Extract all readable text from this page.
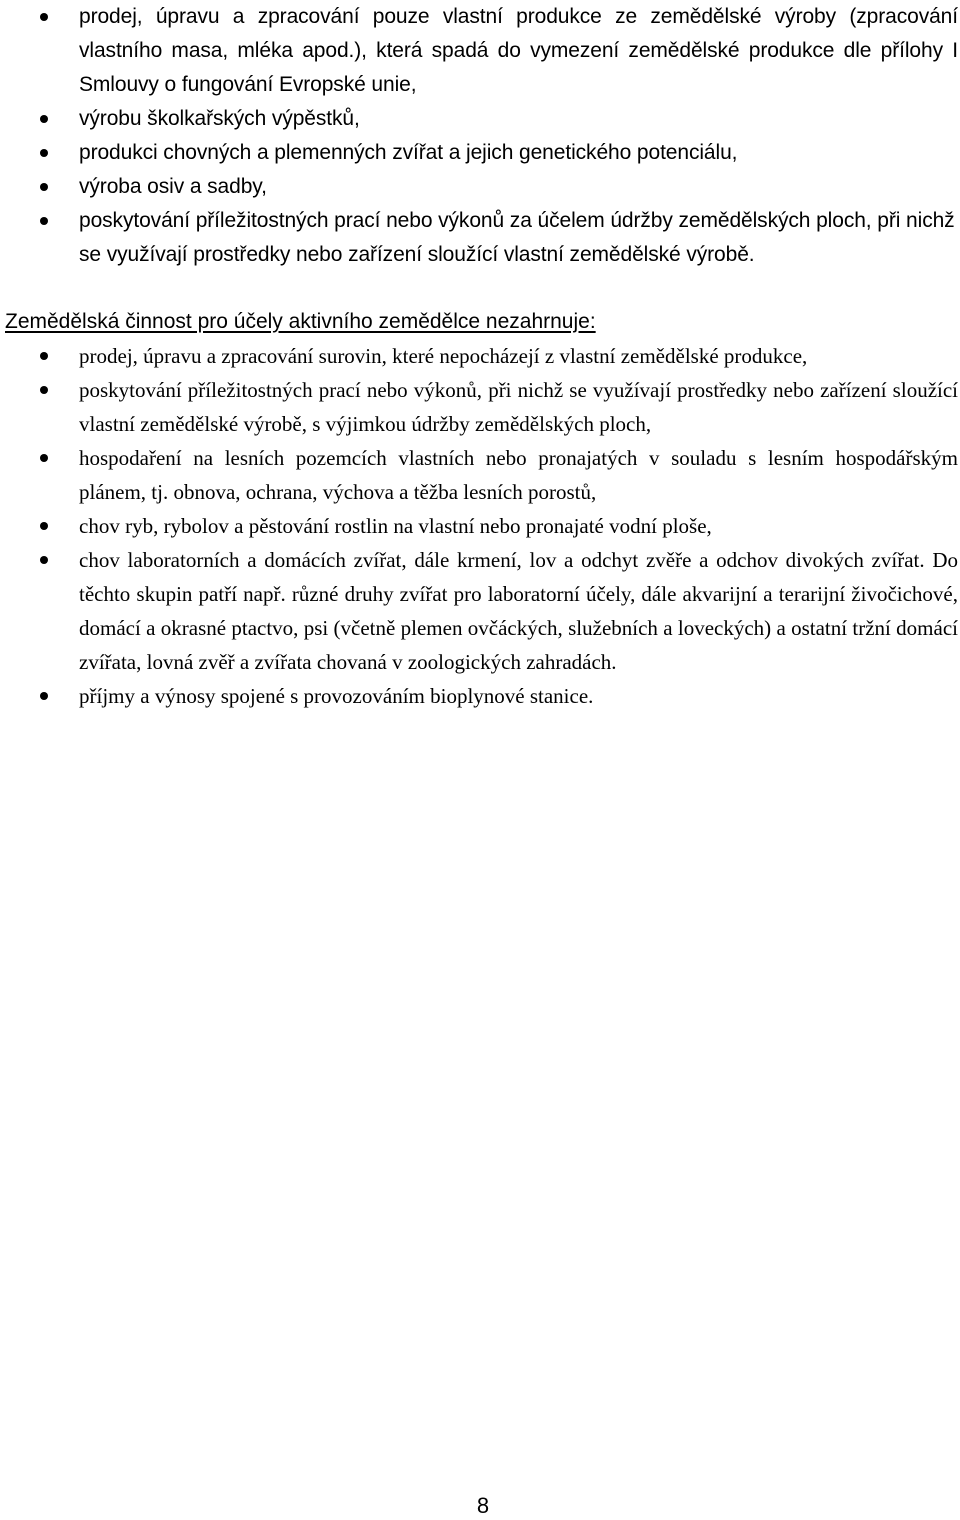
prodej, úpravu a zpracování pouze vlastní produkce ze zemědělské výroby (zpracování vlastního masa, mléka apod.), která spadá do vymezení zemědělské produkce dle přílohy I Smlouvy o fungování Evropské unie,
výrobu školkařských výpěstků,
produkci chovných a plemenných zvířat a jejich genetického potenciálu,
výroba osiv a sadby,
poskytování příležitostných prací nebo výkonů za účelem údržby zemědělských ploch, při nichž se využívají prostředky nebo zařízení sloužící vlastní zemědělské výrobě.
Zemědělská činnost pro účely aktivního zemědělce nezahrnuje:
prodej, úpravu a zpracování surovin, které nepocházejí z vlastní zemědělské produkce,
poskytování příležitostných prací nebo výkonů, při nichž se využívají prostředky nebo zařízení sloužící vlastní zemědělské výrobě, s výjimkou údržby zemědělských ploch,
hospodaření na lesních pozemcích vlastních nebo pronajatých v souladu s lesním hospodářským plánem, tj. obnova, ochrana, výchova a těžba lesních porostů,
chov ryb, rybolov a pěstování rostlin na vlastní nebo pronajaté vodní ploše,
chov laboratorních a domácích zvířat, dále krmení, lov a odchyt zvěře a odchov divokých zvířat. Do těchto skupin patří např. různé druhy zvířat pro laboratorní účely, dále akvarijní a terarijní živočichové, domácí a okrasné ptactvo, psi (včetně plemen ovčáckých, služebních a loveckých) a ostatní tržní domácí zvířata, lovná zvěř a zvířata chovaná v zoologických zahradách.
příjmy a výnosy spojené s provozováním bioplynové stanice.
8
